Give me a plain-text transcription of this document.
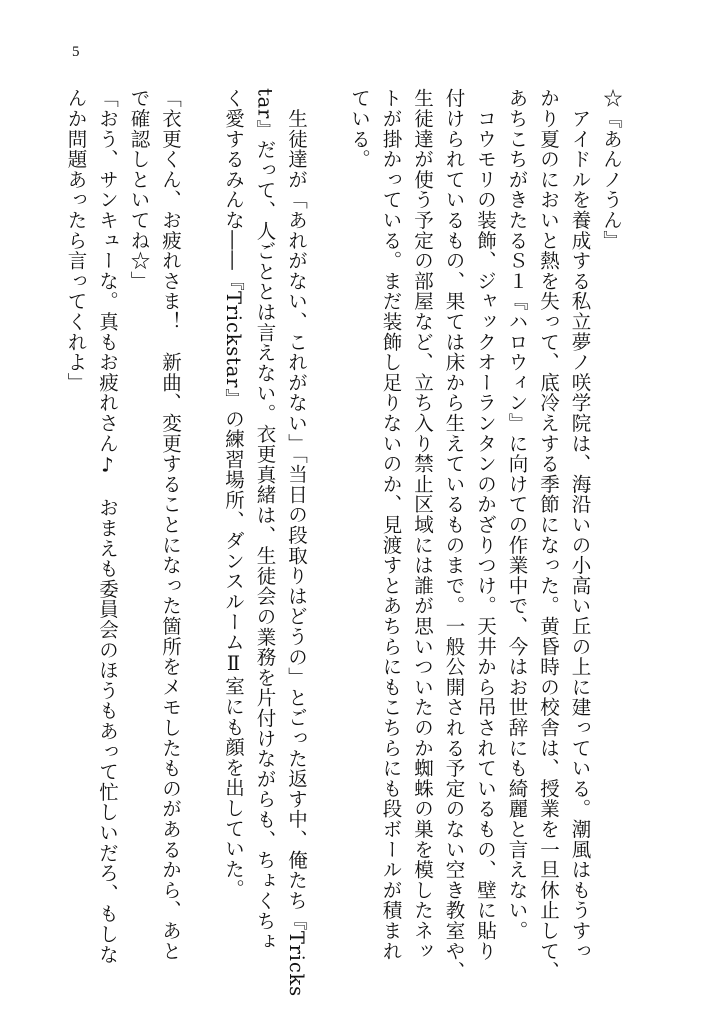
5

☆『あんノうん』

　アイドルを養成する私立夢ノ咲学院は、海沿いの小高い丘の上に建っている。潮風はもうすっ

かり夏のにおいと熱を失って、底冷えする季節になった。黄昏時の校舎は、授業を一旦休止して、

あちこちがきたるＳ１『ハロウィン』に向けての作業中で、今はお世辞にも綺麗と言えない。

　コウモリの装飾、ジャックオーランタンのかざりつけ。天井から吊されているもの、壁に貼り

付けられているもの、果ては床から生えているものまで。一般公開される予定のない空き教室や、

生徒達が使う予定の部屋など、立ち入り禁止区域には誰が思いついたのか蜘蛛の巣を模したネッ

トが掛かっている。まだ装飾し足りないのか、見渡すとあちらにもこちらにも段ボールが積まれ

ている。

　生徒達が「あれがない、これがない」「当日の段取りはどうの」とごった返す中、俺たち『Tricks

tar』だって、人ごととは言えない。衣更真緒は、生徒会の業務を片付けながらも、ちょくちょ

く愛するみんな――『Trickstar』の練習場所、ダンスルームⅡ室にも顔を出していた。

「衣更くん、お疲れさま！　新曲、変更することになった箇所をメモしたものがあるから、あと

で確認しといてね☆」

「おう、サンキューな。真もお疲れさん♪　おまえも委員会のほうもあって忙しいだろ、もしな

んか問題あったら言ってくれよ」
